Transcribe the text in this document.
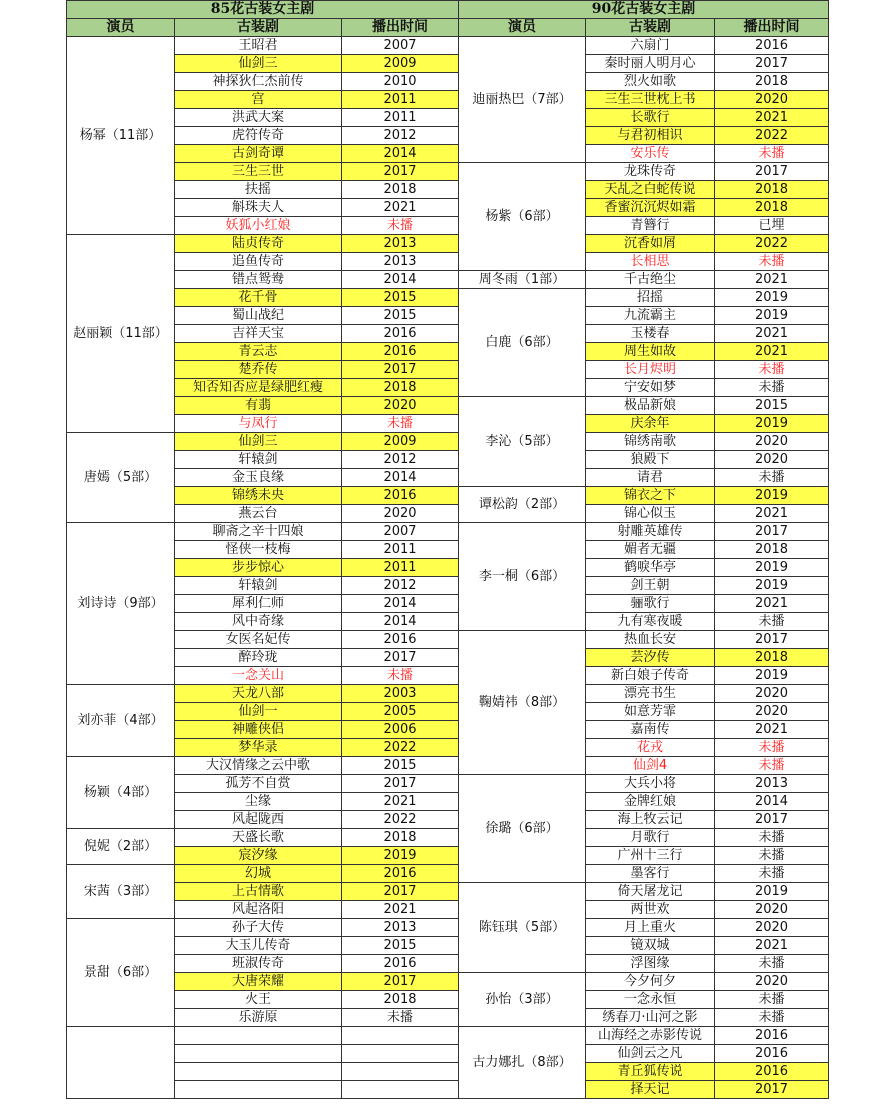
85花古装女主剧		
演员	古装剧	播出时间
杨幂（11部）	王昭君	2007
	仙剑三	2009
	神探狄仁杰前传	2010
	宫	2011
	洪武大案	2011
	虎符传奇	2012
	古剑奇谭	2014
	三生三世	2017
	扶摇	2018
	斛珠夫人	2021
	妖狐小红娘	未播
赵丽颖（11部）	陆贞传奇	2013
	追鱼传奇	2013
	错点鸳鸯	2014
	花千骨	2015
	蜀山战纪	2015
	吉祥天宝	2016
	青云志	2016
	楚乔传	2017
	知否知否应是绿肥红瘦	2018
	有翡	2020
	与凤行	未播
唐嫣（5部）	仙剑三	2009
	轩辕剑	2012
	金玉良缘	2014
	锦绣未央	2016
	燕云台	2020
刘诗诗（9部）	聊斋之辛十四娘	2007
	怪侠一枝梅	2011
	步步惊心	2011
	轩辕剑	2012
	犀利仁师	2014
	风中奇缘	2014
	女医名妃传	2016
	醉玲珑	2017
	一念关山	未播
刘亦菲（4部）	天龙八部	2003
	仙剑一	2005
	神雕侠侣	2006
	梦华录	2022
杨颖（4部）	大汉情缘之云中歌	2015
	孤芳不自赏	2017
	尘缘	2021
	风起陇西	2022
倪妮（2部）	天盛长歌	2018
	宸汐缘	2019
宋茜（3部）	幻城	2016
	上古情歌	2017
	风起洛阳	2021
景甜（6部）	孙子大传	2013
	大玉儿传奇	2015
	班淑传奇	2016
	大唐荣耀	2017
	火王	2018
	乐游原	未播

90花古装女主剧		
演员	古装剧	播出时间
迪丽热巴（7部）	六扇门	2016
	秦时丽人明月心	2017
	烈火如歌	2018
	三生三世枕上书	2020
	长歌行	2021
	与君初相识	2022
	安乐传	未播
杨紫（6部）	龙珠传奇	2017
	天乩之白蛇传说	2018
	香蜜沉沉烬如霜	2018
	青簪行	已埋
	沉香如屑	2022
	长相思	未播
周冬雨（1部）	千古绝尘	2021
白鹿（6部）	招摇	2019
	九流霸主	2019
	玉楼春	2021
	周生如故	2021
	长月烬明	未播
	宁安如梦	未播
李沁（5部）	极品新娘	2015
	庆余年	2019
	锦绣南歌	2020
	狼殿下	2020
	请君	未播
谭松韵（2部）	锦衣之下	2019
	锦心似玉	2021
李一桐（6部）	射雕英雄传	2017
	媚者无疆	2018
	鹤唳华亭	2019
	剑王朝	2019
	骊歌行	2021
	九有寒夜暖	未播
鞠婧祎（8部）	热血长安	2017
	芸汐传	2018
	新白娘子传奇	2019
	漂亮书生	2020
	如意芳霏	2020
	嘉南传	2021
	花戎	未播
	仙剑4	未播
徐璐（6部）	大兵小将	2013
	金牌红娘	2014
	海上牧云记	2017
	月歌行	未播
	广州十三行	未播
	墨客行	未播
陈钰琪（5部）	倚天屠龙记	2019
	两世欢	2020
	月上重火	2020
	镜双城	2021
	浮图缘	未播
孙怡（3部）	今夕何夕	2020
	一念永恒	未播
	绣春刀·山河之影	未播
古力娜扎（8部）	山海经之赤影传说	2016
	仙剑云之凡	2016
	青丘狐传说	2016
	择天记	2017
